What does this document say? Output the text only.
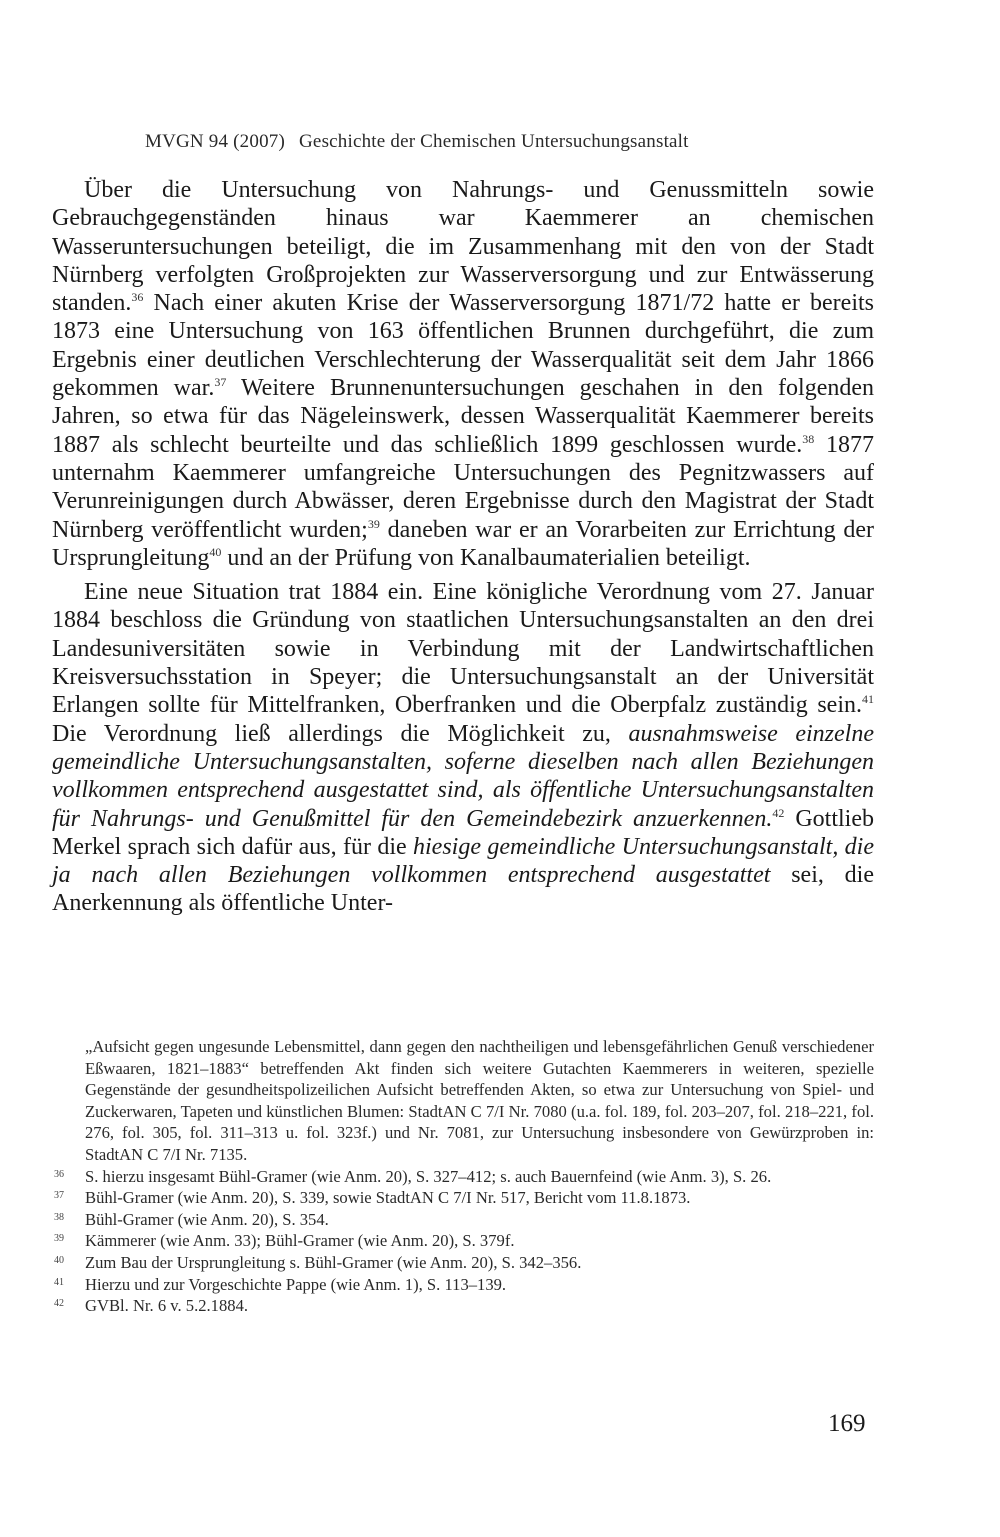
MVGN 94 (2007) Geschichte der Chemischen Untersuchungsanstalt

Über die Untersuchung von Nahrungs- und Genussmitteln sowie Gebrauchgegenständen hinaus war Kaemmerer an chemischen Wasseruntersuchungen beteiligt, die im Zusammenhang mit den von der Stadt Nürnberg verfolgten Großprojekten zur Wasserversorgung und zur Entwässerung standen.$^{36}$ Nach einer akuten Krise der Wasserversorgung 1871/72 hatte er bereits 1873 eine Untersuchung von 163 öffentlichen Brunnen durchgeführt, die zum Ergebnis einer deutlichen Verschlechterung der Wasserqualität seit dem Jahr 1866 gekommen war.$^{37}$ Weitere Brunnenuntersuchungen geschahen in den folgenden Jahren, so etwa für das Nägeleinswerk, dessen Wasserqualität Kaemmerer bereits 1887 als schlecht beurteilte und das schließlich 1899 geschlossen wurde.$^{38}$ 1877 unternahm Kaemmerer umfangreiche Untersuchungen des Pegnitzwassers auf Verunreinigungen durch Abwässer, deren Ergebnisse durch den Magistrat der Stadt Nürnberg veröffentlicht wurden;$^{39}$ daneben war er an Vorarbeiten zur Errichtung der Ursprungleitung$^{40}$ und an der Prüfung von Kanalbaumaterialien beteiligt.

Eine neue Situation trat 1884 ein. Eine königliche Verordnung vom 27. Januar 1884 beschloss die Gründung von staatlichen Untersuchungsanstalten an den drei Landesuniversitäten sowie in Verbindung mit der Landwirtschaftlichen Kreisversuchsstation in Speyer; die Untersuchungsanstalt an der Universität Erlangen sollte für Mittelfranken, Oberfranken und die Oberpfalz zuständig sein.$^{41}$ Die Verordnung ließ allerdings die Möglichkeit zu, ausnahmsweise einzelne gemeindliche Untersuchungsanstalten, soferne dieselben nach allen Beziehungen vollkommen entsprechend ausgestattet sind, als öffentliche Untersuchungsanstalten für Nahrungs- und Genußmittel für den Gemeindebezirk anzuerkennen.$^{42}$ Gottlieb Merkel sprach sich dafür aus, für die hiesige gemeindliche Untersuchungsanstalt, die ja nach allen Beziehungen vollkommen entsprechend ausgestattet sei, die Anerkennung als öffentliche Unter-

„Aufsicht gegen ungesunde Lebensmittel, dann gegen den nachtheiligen und lebensgefährlichen Genuß verschiedener Eßwaaren, 1821–1883“ betreffenden Akt finden sich weitere Gutachten Kaemmerers in weiteren, spezielle Gegenstände der gesundheitspolizeilichen Aufsicht betreffenden Akten, so etwa zur Untersuchung von Spiel- und Zuckerwaren, Tapeten und künstlichen Blumen: StadtAN C 7/I Nr. 7080 (u.a. fol. 189, fol. 203–207, fol. 218–221, fol. 276, fol. 305, fol. 311–313 u. fol. 323f.) und Nr. 7081, zur Untersuchung insbesondere von Gewürzproben in: StadtAN C 7/I Nr. 7135.

36	S. hierzu insgesamt Bühl-Gramer (wie Anm. 20), S. 327–412; s. auch Bauernfeind (wie Anm. 3), S. 26.
37	Bühl-Gramer (wie Anm. 20), S. 339, sowie StadtAN C 7/I Nr. 517, Bericht vom 11.8.1873.
38	Bühl-Gramer (wie Anm. 20), S. 354.
39	Kämmerer (wie Anm. 33); Bühl-Gramer (wie Anm. 20), S. 379f.
40	Zum Bau der Ursprungleitung s. Bühl-Gramer (wie Anm. 20), S. 342–356.
41	Hierzu und zur Vorgeschichte Pappe (wie Anm. 1), S. 113–139.
42	GVBl. Nr. 6 v. 5.2.1884.
169
